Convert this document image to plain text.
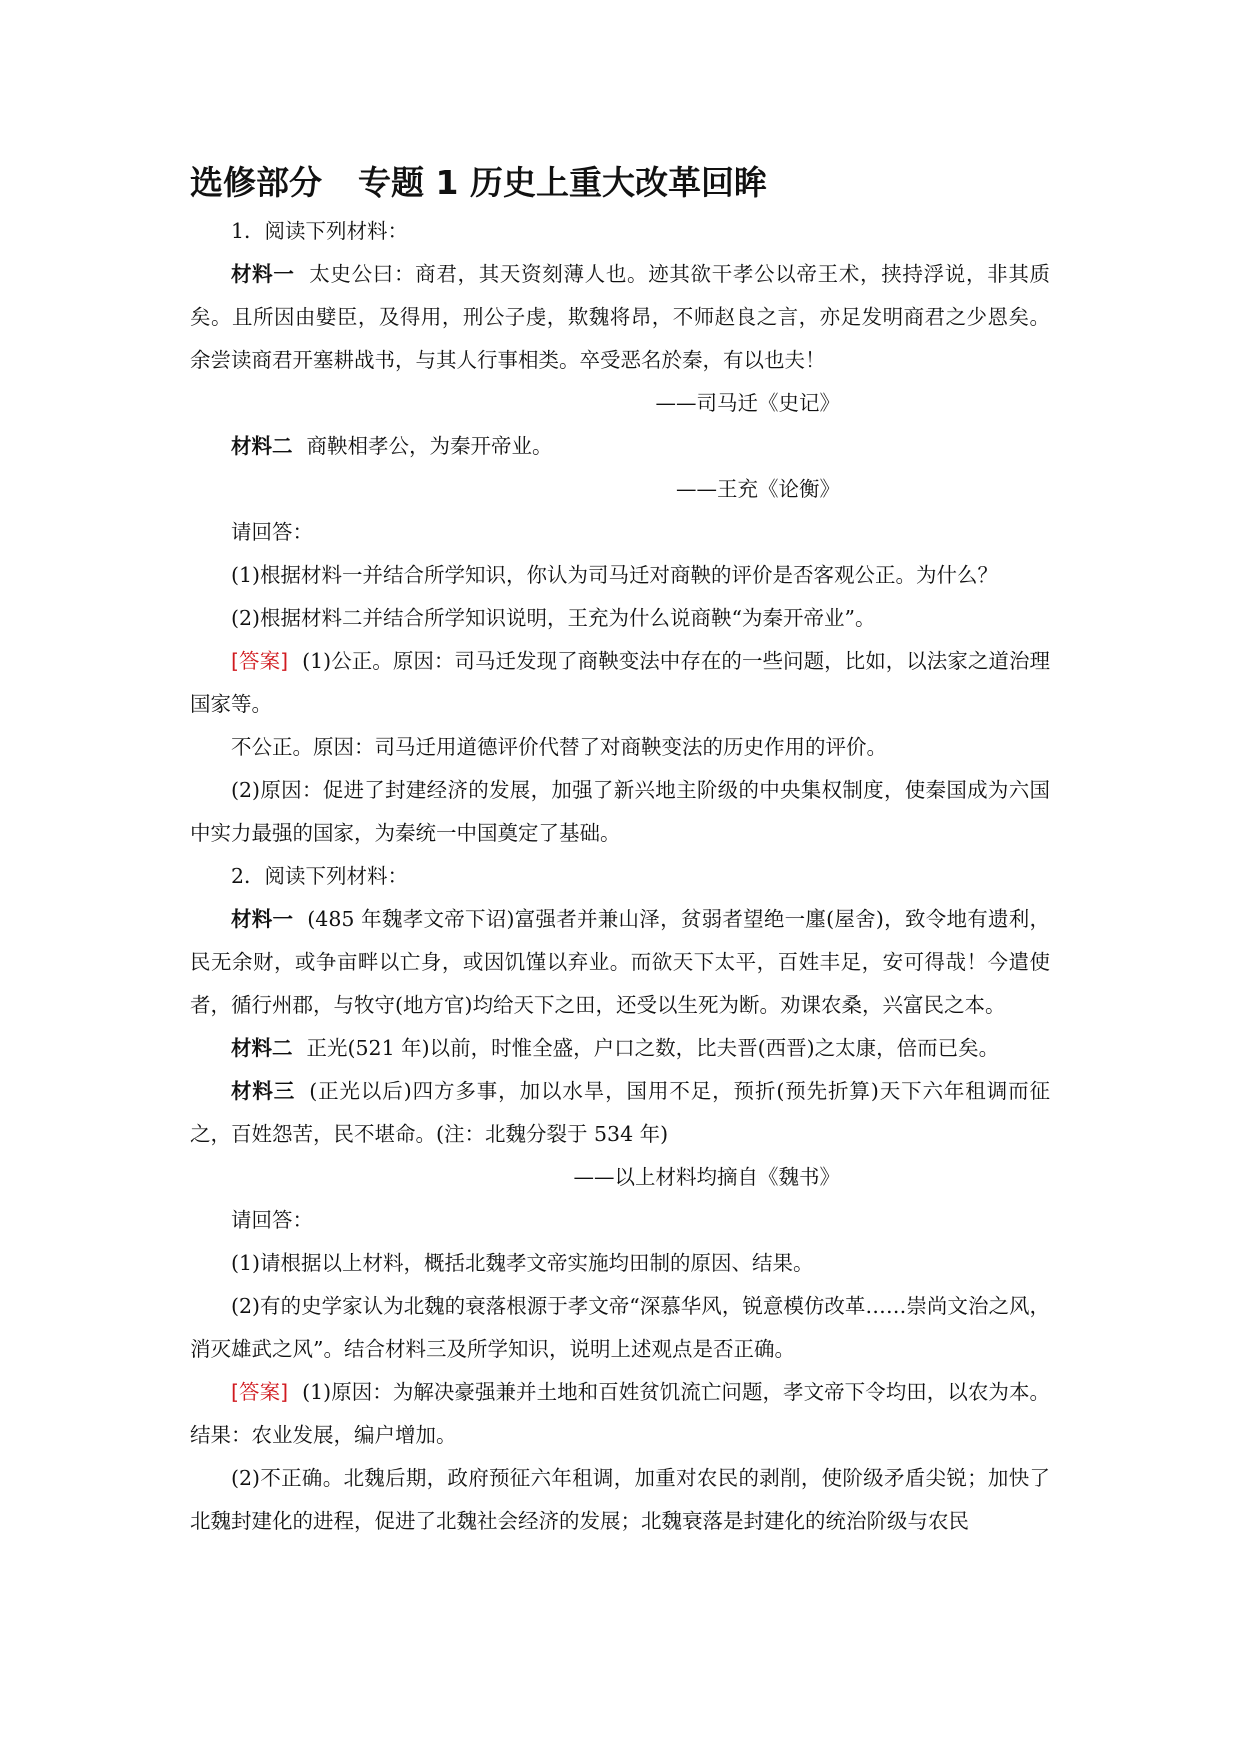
选修部分 专题 1 历史上重大改革回眸

1．阅读下列材料：

材料一 太史公曰：商君，其天资刻薄人也。迹其欲干孝公以帝王术，挟持浮说，非其质矣。且所因由嬖臣，及得用，刑公子虔，欺魏将昂，不师赵良之言，亦足发明商君之少恩矣。余尝读商君开塞耕战书，与其人行事相类。卒受恶名於秦，有以也夫！

——司马迁《史记》

材料二 商鞅相孝公，为秦开帝业。

——王充《论衡》

请回答：

(1)根据材料一并结合所学知识，你认为司马迁对商鞅的评价是否客观公正。为什么？

(2)根据材料二并结合所学知识说明，王充为什么说商鞅“为秦开帝业”。

[答案] (1)公正。原因：司马迁发现了商鞅变法中存在的一些问题，比如，以法家之道治理国家等。

不公正。原因：司马迁用道德评价代替了对商鞅变法的历史作用的评价。

(2)原因：促进了封建经济的发展，加强了新兴地主阶级的中央集权制度，使秦国成为六国中实力最强的国家，为秦统一中国奠定了基础。

2．阅读下列材料：

材料一 (485 年魏孝文帝下诏)富强者并兼山泽，贫弱者望绝一廛(屋舍)，致令地有遗利，民无余财，或争亩畔以亡身，或因饥馑以弃业。而欲天下太平，百姓丰足，安可得哉！今遣使者，循行州郡，与牧守(地方官)均给天下之田，还受以生死为断。劝课农桑，兴富民之本。

材料二 正光(521 年)以前，时惟全盛，户口之数，比夫晋(西晋)之太康，倍而已矣。

材料三 (正光以后)四方多事，加以水旱，国用不足，预折(预先折算)天下六年租调而征之，百姓怨苦，民不堪命。(注：北魏分裂于 534 年)

——以上材料均摘自《魏书》

请回答：

(1)请根据以上材料，概括北魏孝文帝实施均田制的原因、结果。

(2)有的史学家认为北魏的衰落根源于孝文帝“深慕华风，锐意模仿改革……崇尚文治之风，消灭雄武之风”。结合材料三及所学知识，说明上述观点是否正确。

[答案] (1)原因：为解决豪强兼并土地和百姓贫饥流亡问题，孝文帝下令均田，以农为本。结果：农业发展，编户增加。

(2)不正确。北魏后期，政府预征六年租调，加重对农民的剥削，使阶级矛盾尖锐；加快了北魏封建化的进程，促进了北魏社会经济的发展；北魏衰落是封建化的统治阶级与农民
